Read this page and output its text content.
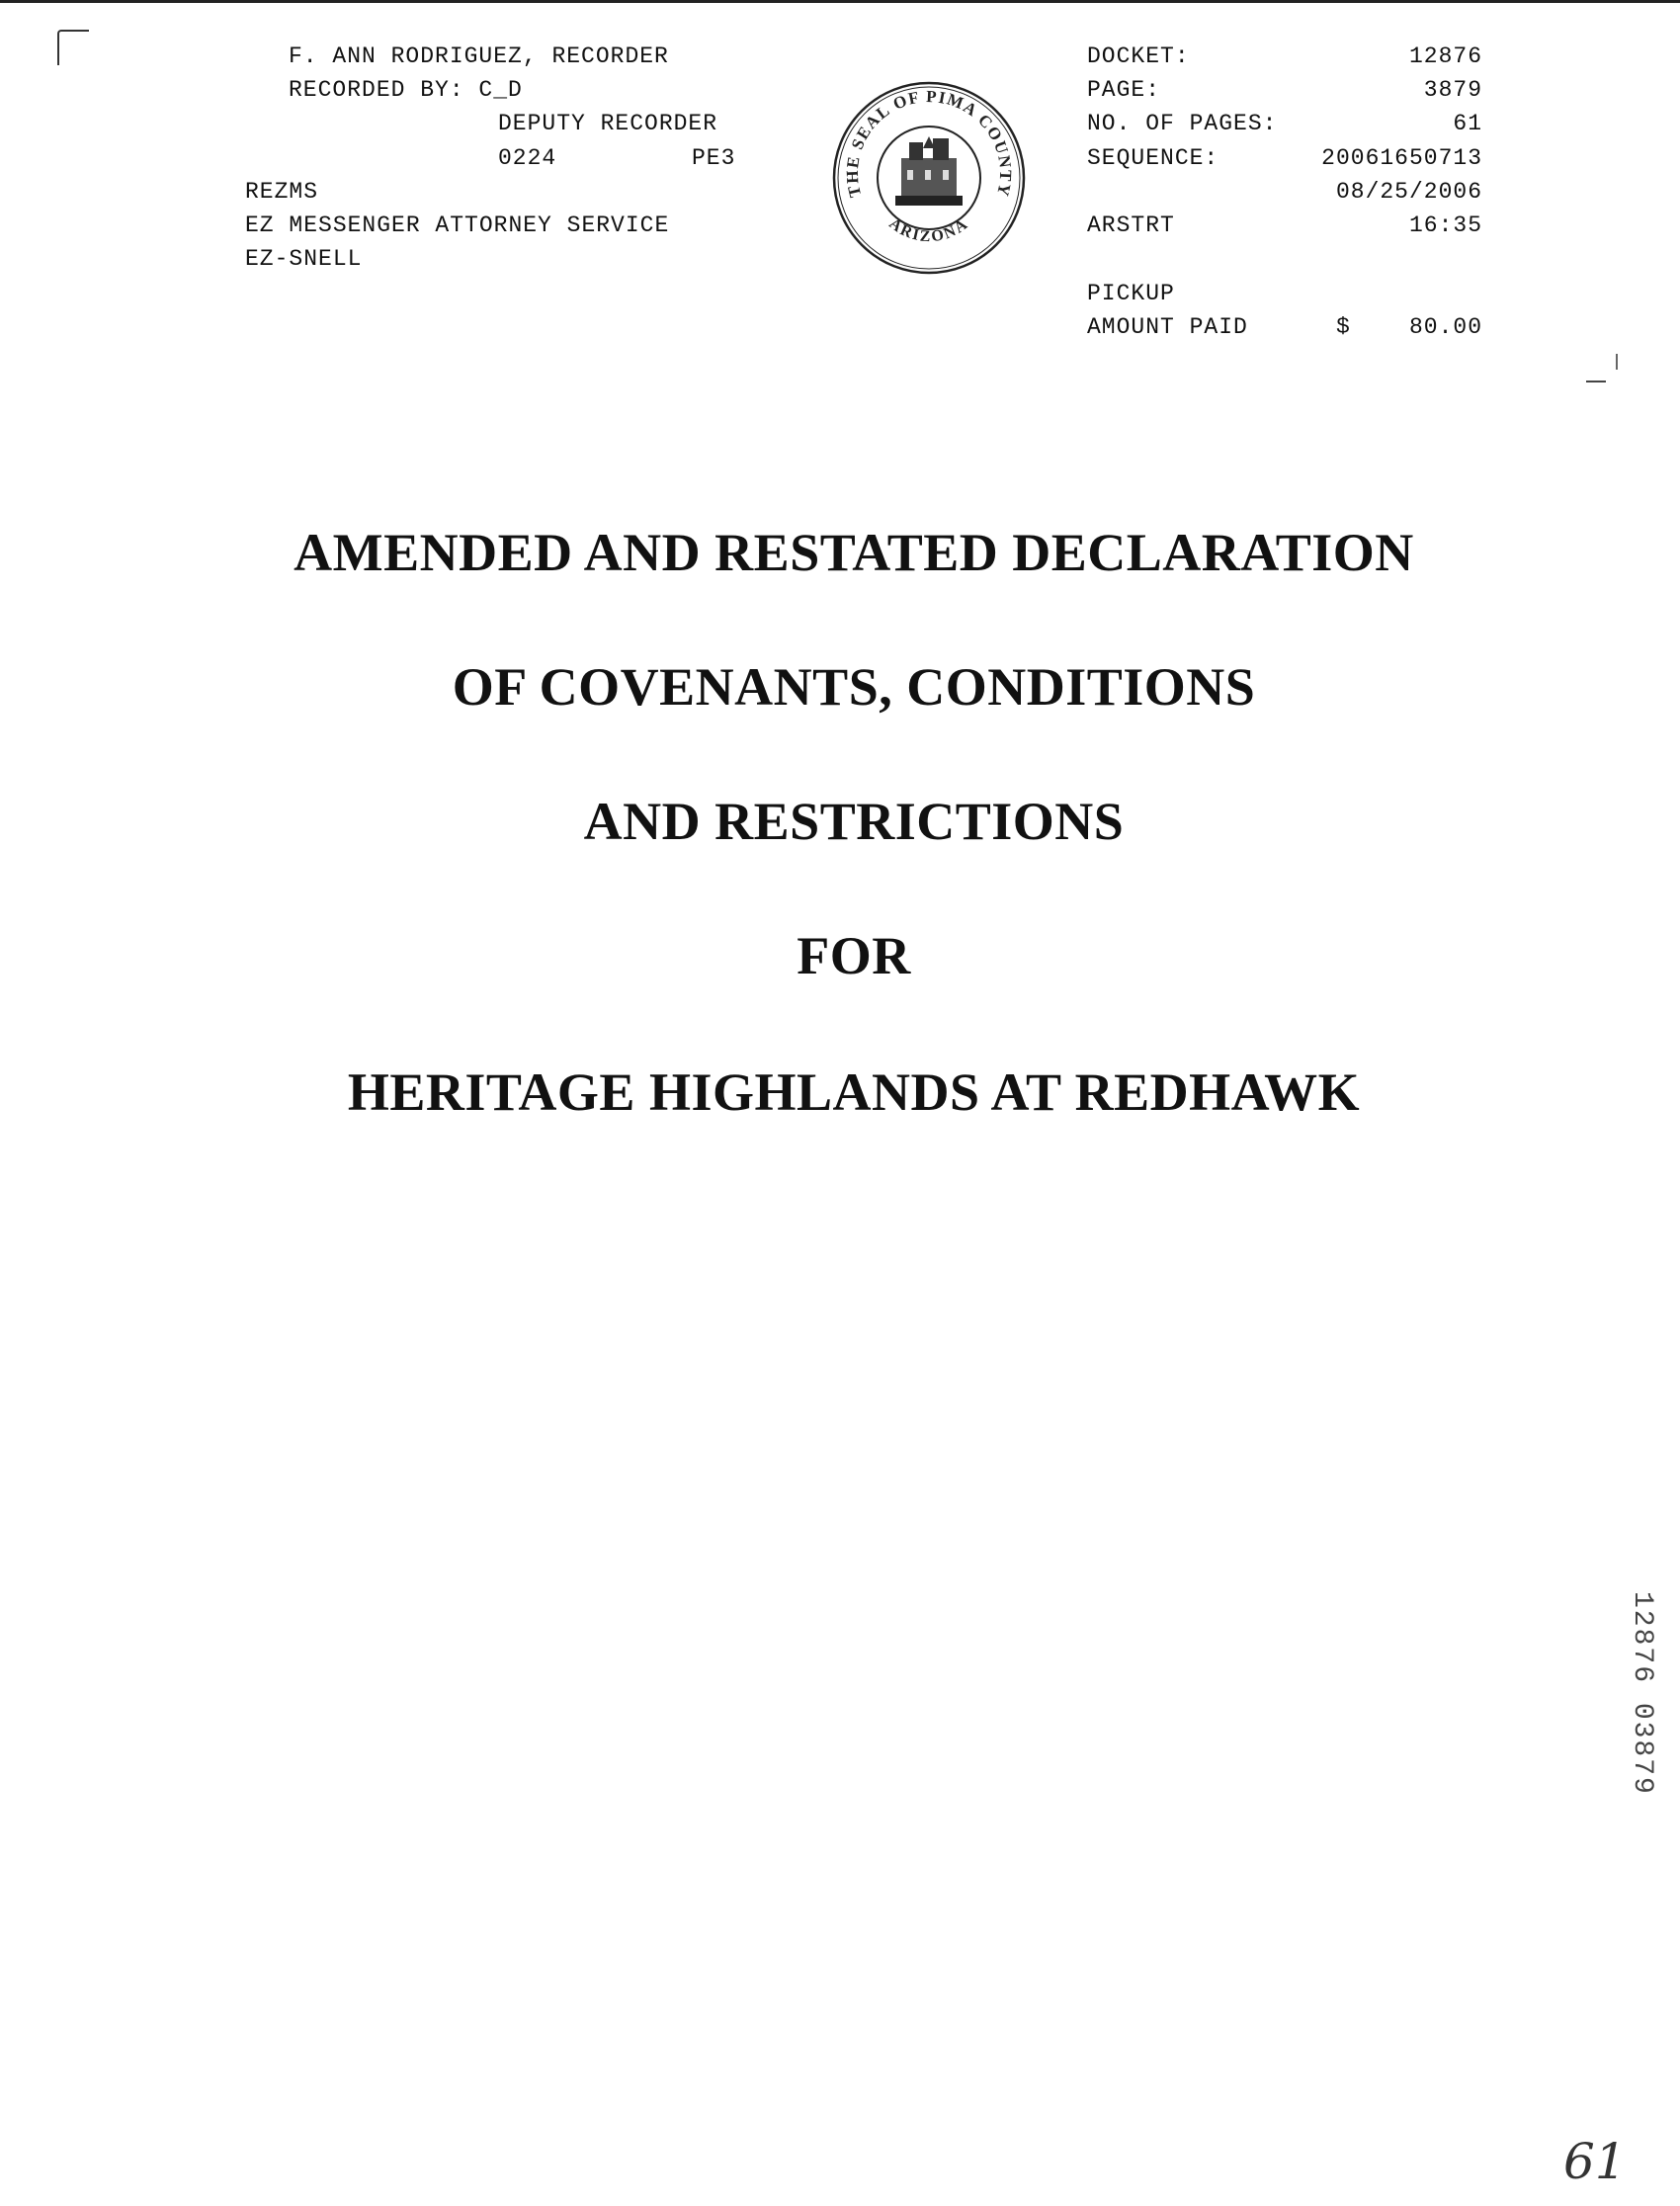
F. ANN RODRIGUEZ, RECORDER
RECORDED BY: C_D
DEPUTY RECORDER
0224	PE3
REZMS
EZ MESSENGER ATTORNEY SERVICE
EZ-SNELL
THE SEAL OF PIMA COUNTY
ARIZONA
DOCKET:	12876
PAGE:	3879
NO. OF PAGES:	61
SEQUENCE:	20061650713
08/25/2006
ARSTRT	16:35
PICKUP
AMOUNT PAID	$	80.00
AMENDED AND RESTATED DECLARATION
OF COVENANTS, CONDITIONS
AND RESTRICTIONS
FOR
HERITAGE HIGHLANDS AT REDHAWK
12876 03879
61
